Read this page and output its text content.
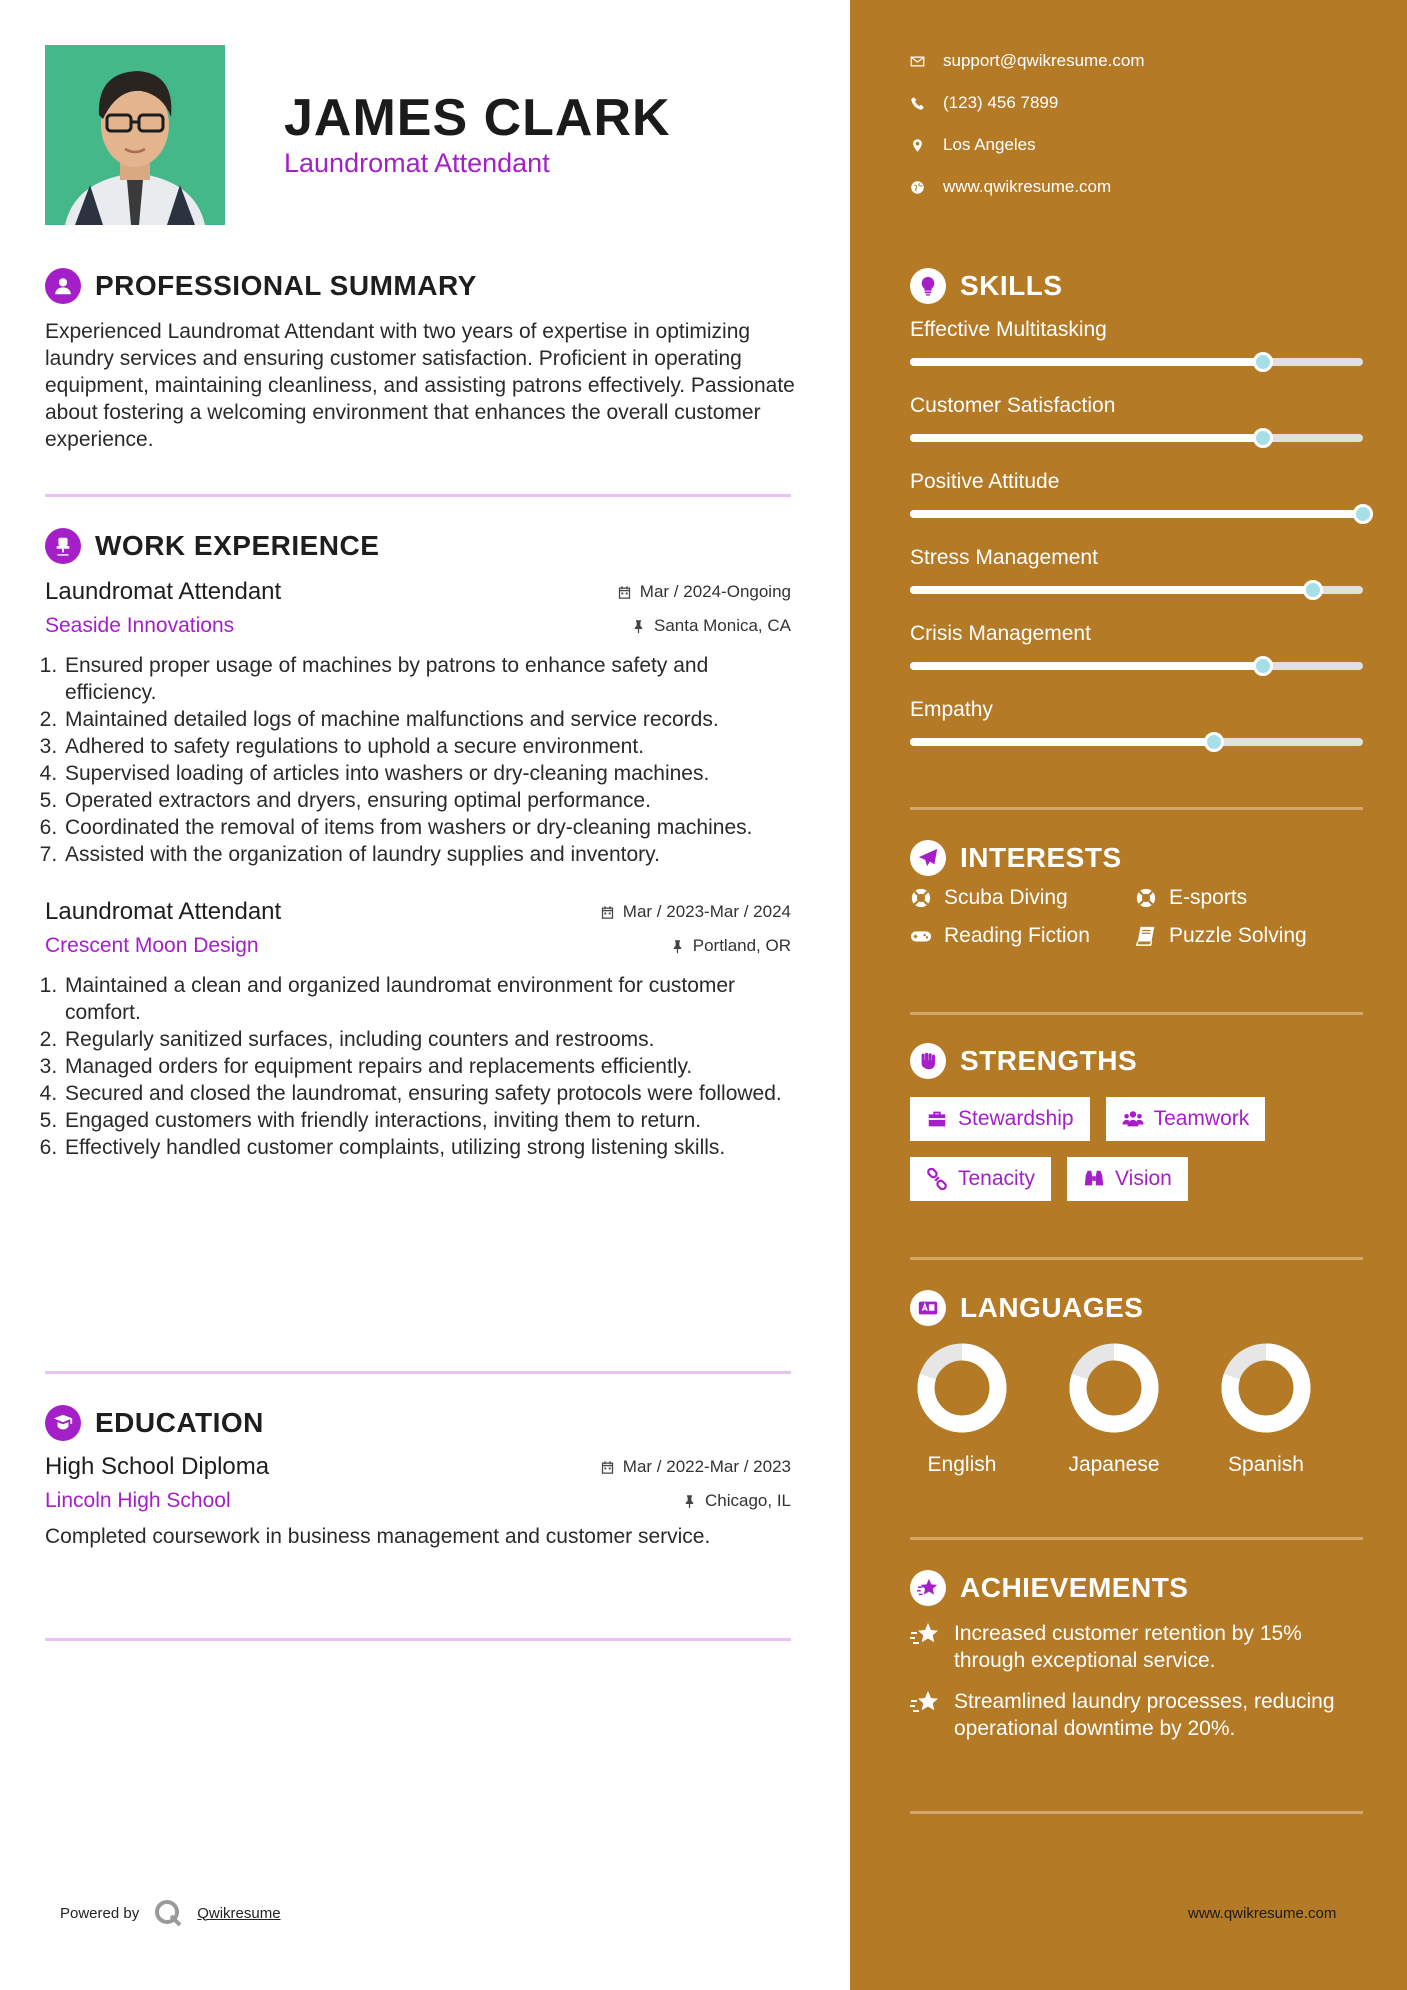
JAMES CLARK
Laundromat Attendant
PROFESSIONAL SUMMARY

Experienced Laundromat Attendant with two years of expertise in optimizing laundry services and ensuring customer satisfaction. Proficient in operating equipment, maintaining cleanliness, and assisting patrons effectively. Passionate about fostering a welcoming environment that enhances the overall customer experience.

WORK EXPERIENCE
Laundromat Attendant	Mar / 2024-Ongoing
Seaside Innovations	Santa Monica, CA
1. Ensured proper usage of machines by patrons to enhance safety and efficiency.
2. Maintained detailed logs of machine malfunctions and service records.
3. Adhered to safety regulations to uphold a secure environment.
4. Supervised loading of articles into washers or dry-cleaning machines.
5. Operated extractors and dryers, ensuring optimal performance.
6. Coordinated the removal of items from washers or dry-cleaning machines.
7. Assisted with the organization of laundry supplies and inventory.
Laundromat Attendant	Mar / 2023-Mar / 2024
Crescent Moon Design	Portland, OR
1. Maintained a clean and organized laundromat environment for customer comfort.
2. Regularly sanitized surfaces, including counters and restrooms.
3. Managed orders for equipment repairs and replacements efficiently.
4. Secured and closed the laundromat, ensuring safety protocols were followed.
5. Engaged customers with friendly interactions, inviting them to return.
6. Effectively handled customer complaints, utilizing strong listening skills.
EDUCATION
High School Diploma	Mar / 2022-Mar / 2023
Lincoln High School	Chicago, IL

Completed coursework in business management and customer service.

Powered by	Qwikresume
support@qwikresume.com
(123) 456 7899
Los Angeles
www.qwikresume.com
SKILLS
Effective Multitasking
Customer Satisfaction
Positive Attitude
Stress Management
Crisis Management
Empathy
INTERESTS
Scuba Diving	E-sports
Reading Fiction	Puzzle Solving
STRENGTHS
Stewardship	Teamwork
Tenacity	Vision
LANGUAGES
English	Japanese	Spanish
ACHIEVEMENTS
Increased customer retention by 15% through exceptional service.
Streamlined laundry processes, reducing operational downtime by 20%.
www.qwikresume.com
